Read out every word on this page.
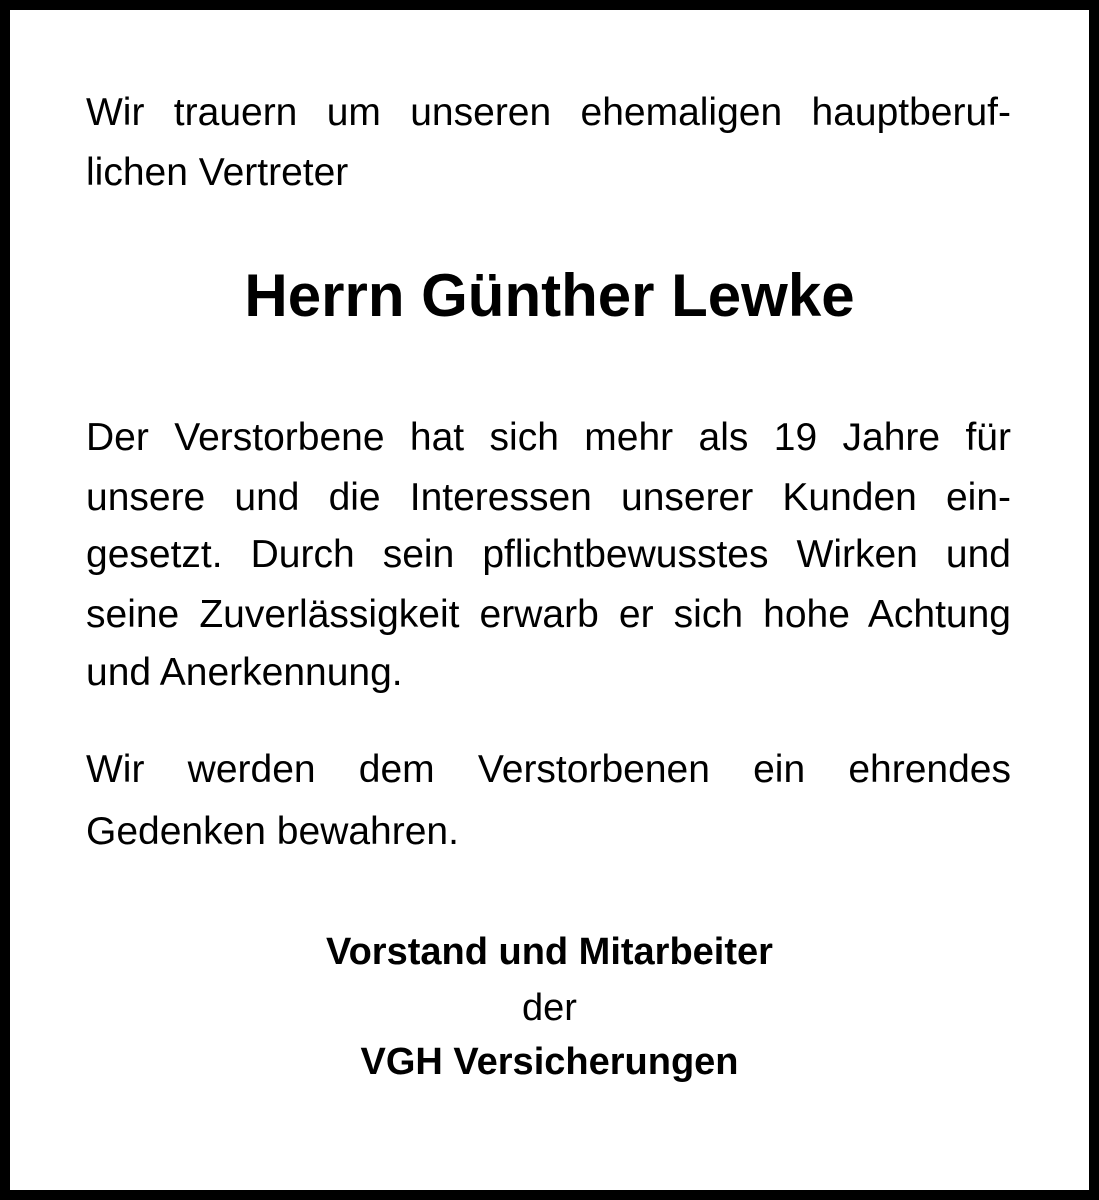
Wir trauern um unseren ehemaligen hauptberuf-
lichen Vertreter
Herrn Günther Lewke
Der Verstorbene hat sich mehr als 19 Jahre für
unsere und die Interessen unserer Kunden ein-
gesetzt. Durch sein pflichtbewusstes Wirken und
seine Zuverlässigkeit erwarb er sich hohe Achtung
und Anerkennung.
Wir werden dem Verstorbenen ein ehrendes
Gedenken bewahren.
Vorstand und Mitarbeiter
der
VGH Versicherungen
